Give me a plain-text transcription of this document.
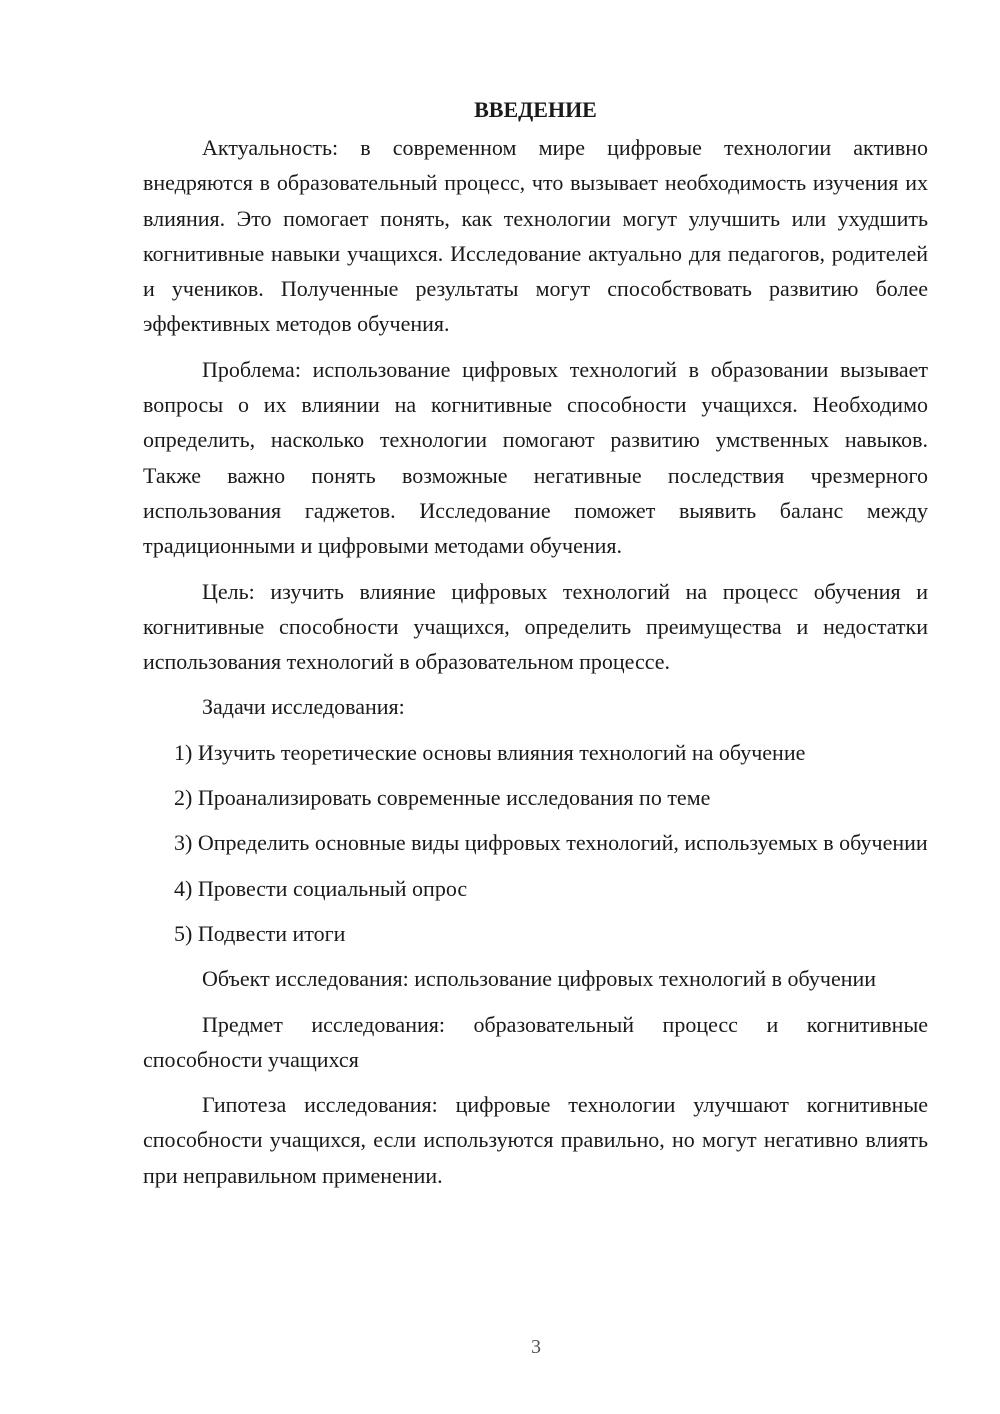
ВВЕДЕНИЕ

Актуальность: в современном мире цифровые технологии активно внедряются в образовательный процесс, что вызывает необходимость изучения их влияния. Это помогает понять, как технологии могут улучшить или ухудшить когнитивные навыки учащихся. Исследование актуально для педагогов, родителей и учеников. Полученные результаты могут способствовать развитию более эффективных методов обучения.

Проблема: использование цифровых технологий в образовании вызывает вопросы о их влиянии на когнитивные способности учащихся. Необходимо определить, насколько технологии помогают развитию умственных навыков. Также важно понять возможные негативные последствия чрезмерного использования гаджетов. Исследование поможет выявить баланс между традиционными и цифровыми методами обучения.

Цель: изучить влияние цифровых технологий на процесс обучения и когнитивные способности учащихся, определить преимущества и недостатки использования технологий в образовательном процессе.

Задачи исследования:

1) Изучить теоретические основы влияния технологий на обучение

2) Проанализировать современные исследования по теме

3) Определить основные виды цифровых технологий, используемых в обучении

4) Провести социальный опрос

5) Подвести итоги

Объект исследования: использование цифровых технологий в обучении

Предмет исследования: образовательный процесс и когнитивные способности учащихся

Гипотеза исследования: цифровые технологии улучшают когнитивные способности учащихся, если используются правильно, но могут негативно влиять при неправильном применении.

3
